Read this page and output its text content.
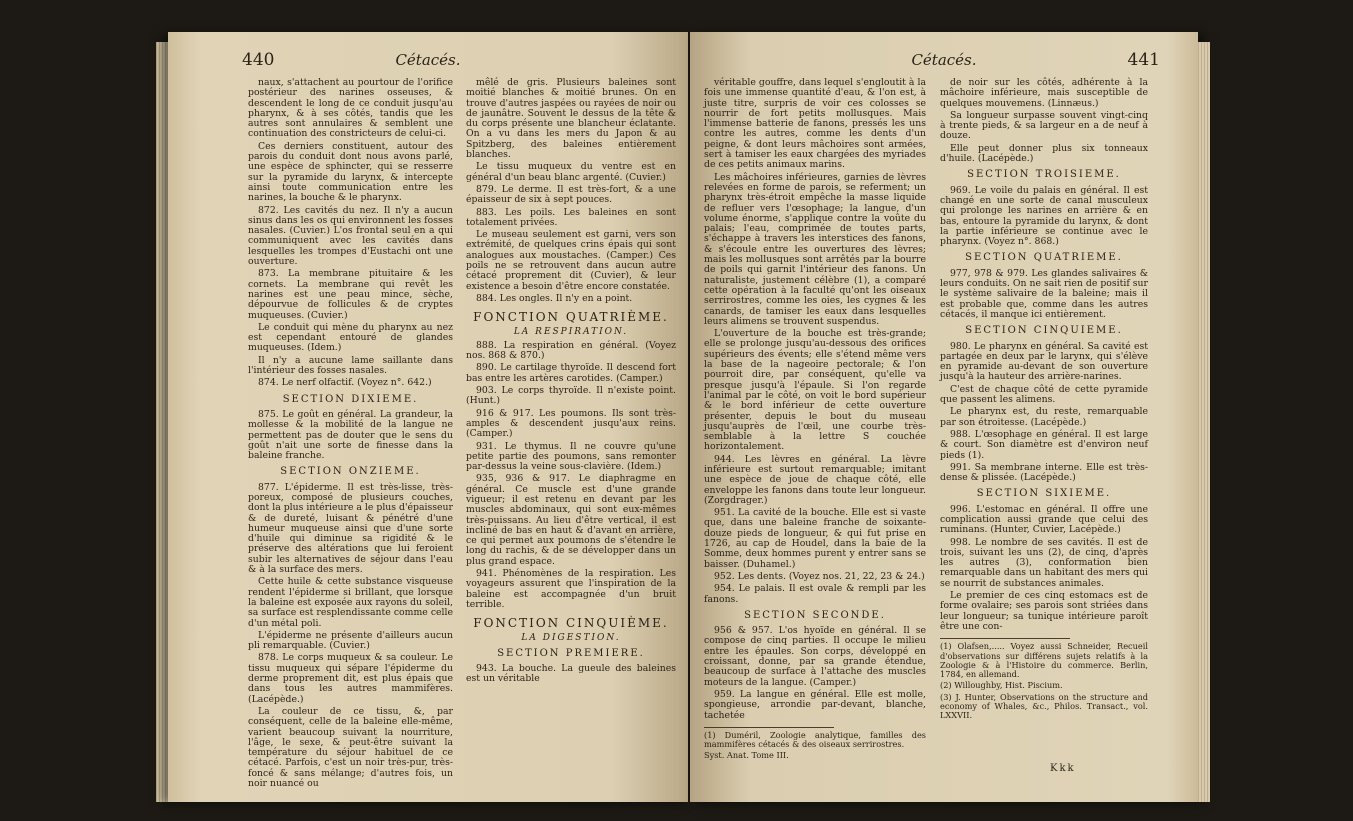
440	Cétacés.

naux, s'attachent au pourtour de l'orifice postérieur des narines osseuses, & descendent le long de ce conduit jusqu'au pharynx, & à ses côtés, tandis que les autres sont annulaires & semblent une continuation des constricteurs de celui-ci.

Ces derniers constituent, autour des parois du conduit dont nous avons parlé, une espèce de sphincter, qui se resserre sur la pyramide du larynx, & intercepte ainsi toute communication entre les narines, la bouche & le pharynx.

872. Les cavités du nez. Il n'y a aucun sinus dans les os qui environnent les fosses nasales. (Cuvier.) L'os frontal seul en a qui communiquent avec les cavités dans lesquelles les trompes d'Eustachi ont une ouverture.

873. La membrane pituitaire & les cornets. La membrane qui revêt les narines est une peau mince, sèche, dépourvue de follicules & de cryptes muqueuses. (Cuvier.)

Le conduit qui mène du pharynx au nez est cependant entouré de glandes muqueuses. (Idem.)

Il n'y a aucune lame saillante dans l'intérieur des fosses nasales.

874. Le nerf olfactif. (Voyez n°. 642.)

SECTION DIXIEME.

875. Le goût en général. La grandeur, la mollesse & la mobilité de la langue ne permettent pas de douter que le sens du goût n'ait une sorte de finesse dans la baleine franche.

SECTION ONZIEME.

877. L'épiderme. Il est très-lisse, très-poreux, composé de plusieurs couches, dont la plus intérieure a le plus d'épaisseur & de dureté, luisant & pénétré d'une humeur muqueuse ainsi que d'une sorte d'huile qui diminue sa rigidité & le préserve des altérations que lui feroient subir les alternatives de séjour dans l'eau & à la surface des mers.

Cette huile & cette substance visqueuse rendent l'épiderme si brillant, que lorsque la baleine est exposée aux rayons du soleil, sa surface est resplendissante comme celle d'un métal poli.

L'épiderme ne présente d'ailleurs aucun pli remarquable. (Cuvier.)

878. Le corps muqueux & sa couleur. Le tissu muqueux qui sépare l'épiderme du derme proprement dit, est plus épais que dans tous les autres mammifères. (Lacépède.)

La couleur de ce tissu, &, par conséquent, celle de la baleine elle-même, varient beaucoup suivant la nourriture, l'âge, le sexe, & peut-être suivant la température du séjour habituel de ce cétacé. Parfois, c'est un noir très-pur, très-foncé & sans mélange; d'autres fois, un noir nuancé ou

mêlé de gris. Plusieurs baleines sont moitié blanches & moitié brunes. On en trouve d'autres jaspées ou rayées de noir ou de jaunâtre. Souvent le dessus de la tête & du corps présente une blancheur éclatante. On a vu dans les mers du Japon & au Spitzberg, des baleines entièrement blanches.

Le tissu muqueux du ventre est en général d'un beau blanc argenté. (Cuvier.)

879. Le derme. Il est très-fort, & a une épaisseur de six à sept pouces.

883. Les poils. Les baleines en sont totalement privées.

Le museau seulement est garni, vers son extrémité, de quelques crins épais qui sont analogues aux moustaches. (Camper.) Ces poils ne se retrouvent dans aucun autre cétacé proprement dit (Cuvier), & leur existence a besoin d'être encore constatée.

884. Les ongles. Il n'y en a point.

FONCTION QUATRIÈME.

LA RESPIRATION.

888. La respiration en général. (Voyez nos. 868 & 870.)

890. Le cartilage thyroïde. Il descend fort bas entre les artères carotides. (Camper.)

903. Le corps thyroïde. Il n'existe point. (Hunt.)

916 & 917. Les poumons. Ils sont très-amples & descendent jusqu'aux reins. (Camper.)

931. Le thymus. Il ne couvre qu'une petite partie des poumons, sans remonter par-dessus la veine sous-clavière. (Idem.)

935, 936 & 917. Le diaphragme en général. Ce muscle est d'une grande vigueur; il est retenu en devant par les muscles abdominaux, qui sont eux-mêmes très-puissans. Au lieu d'être vertical, il est incliné de bas en haut & d'avant en arrière, ce qui permet aux poumons de s'étendre le long du rachis, & de se développer dans un plus grand espace.

941. Phénomènes de la respiration. Les voyageurs assurent que l'inspiration de la baleine est accompagnée d'un bruit terrible.

FONCTION CINQUIÈME.

LA DIGESTION.

SECTION PREMIERE.

943. La bouche. La gueule des baleines est un véritable

Cétacés.	441

véritable gouffre, dans lequel s'engloutit à la fois une immense quantité d'eau, & l'on est, à juste titre, surpris de voir ces colosses se nourrir de fort petits mollusques. Mais l'immense batterie de fanons, pressés les uns contre les autres, comme les dents d'un peigne, & dont leurs mâchoires sont armées, sert à tamiser les eaux chargées des myriades de ces petits animaux marins.

Les mâchoires inférieures, garnies de lèvres relevées en forme de parois, se referment; un pharynx très-étroit empêche la masse liquide de refluer vers l'œsophage; la langue, d'un volume énorme, s'applique contre la voûte du palais; l'eau, comprimée de toutes parts, s'échappe à travers les interstices des fanons, & s'écoule entre les ouvertures des lèvres; mais les mollusques sont arrêtés par la bourre de poils qui garnit l'intérieur des fanons. Un naturaliste, justement célèbre (1), a comparé cette opération à la faculté qu'ont les oiseaux serrirostres, comme les oies, les cygnes & les canards, de tamiser les eaux dans lesquelles leurs alimens se trouvent suspendus.

L'ouverture de la bouche est très-grande; elle se prolonge jusqu'au-dessous des orifices supérieurs des évents; elle s'étend même vers la base de la nageoire pectorale; & l'on pourroit dire, par conséquent, qu'elle va presque jusqu'à l'épaule. Si l'on regarde l'animal par le côté, on voit le bord supérieur & le bord inférieur de cette ouverture présenter, depuis le bout du museau jusqu'auprès de l'œil, une courbe très-semblable à la lettre S couchée horizontalement.

944. Les lèvres en général. La lèvre inférieure est surtout remarquable; imitant une espèce de joue de chaque côté, elle enveloppe les fanons dans toute leur longueur. (Zorgdrager.)

951. La cavité de la bouche. Elle est si vaste que, dans une baleine franche de soixante-douze pieds de longueur, & qui fut prise en 1726, au cap de Houdel, dans la baie de la Somme, deux hommes purent y entrer sans se baisser. (Duhamel.)

952. Les dents. (Voyez nos. 21, 22, 23 & 24.)

954. Le palais. Il est ovale & rempli par les fanons.

SECTION SECONDE.

956 & 957. L'os hyoïde en général. Il se compose de cinq parties. Il occupe le milieu entre les épaules. Son corps, développé en croissant, donne, par sa grande étendue, beaucoup de surface à l'attache des muscles moteurs de la langue. (Camper.)

959. La langue en général. Elle est molle, spongieuse, arrondie par-devant, blanche, tachetée

(1) Duméril, Zoologie analytique, familles des mammifères cétacés & des oiseaux serrirostres.

Syst. Anat. Tome III.

de noir sur les côtés, adhérente à la mâchoire inférieure, mais susceptible de quelques mouvemens. (Linnæus.)

Sa longueur surpasse souvent vingt-cinq à trente pieds, & sa largeur en a de neuf à douze.

Elle peut donner plus six tonneaux d'huile. (Lacépède.)

SECTION TROISIEME.

969. Le voile du palais en général. Il est changé en une sorte de canal musculeux qui prolonge les narines en arrière & en bas, entoure la pyramide du larynx, & dont la partie inférieure se continue avec le pharynx. (Voyez n°. 868.)

SECTION QUATRIEME.

977, 978 & 979. Les glandes salivaires & leurs conduits. On ne sait rien de positif sur le système salivaire de la baleine; mais il est probable que, comme dans les autres cétacés, il manque ici entièrement.

SECTION CINQUIEME.

980. Le pharynx en général. Sa cavité est partagée en deux par le larynx, qui s'élève en pyramide au-devant de son ouverture jusqu'à la hauteur des arrière-narines.

C'est de chaque côté de cette pyramide que passent les alimens.

Le pharynx est, du reste, remarquable par son étroitesse. (Lacépède.)

988. L'œsophage en général. Il est large & court. Son diamètre est d'environ neuf pieds (1).

991. Sa membrane interne. Elle est très-dense & plissée. (Lacépède.)

SECTION SIXIEME.

996. L'estomac en général. Il offre une complication aussi grande que celui des ruminans. (Hunter, Cuvier, Lacépède.)

998. Le nombre de ses cavités. Il est de trois, suivant les uns (2), de cinq, d'après les autres (3), conformation bien remarquable dans un habitant des mers qui se nourrit de substances animales.

Le premier de ces cinq estomacs est de forme ovalaire; ses parois sont striées dans leur longueur; sa tunique intérieure paroît être une con-

(1) Olafsen,..... Voyez aussi Schneider, Recueil d'observations sur différens sujets relatifs à la Zoologie & à l'Histoire du commerce. Berlin, 1784, en allemand.

(2) Willoughby, Hist. Piscium.

(3) J. Hunter, Observations on the structure and economy of Whales, &c., Philos. Transact., vol. LXXVII.

Kkk
